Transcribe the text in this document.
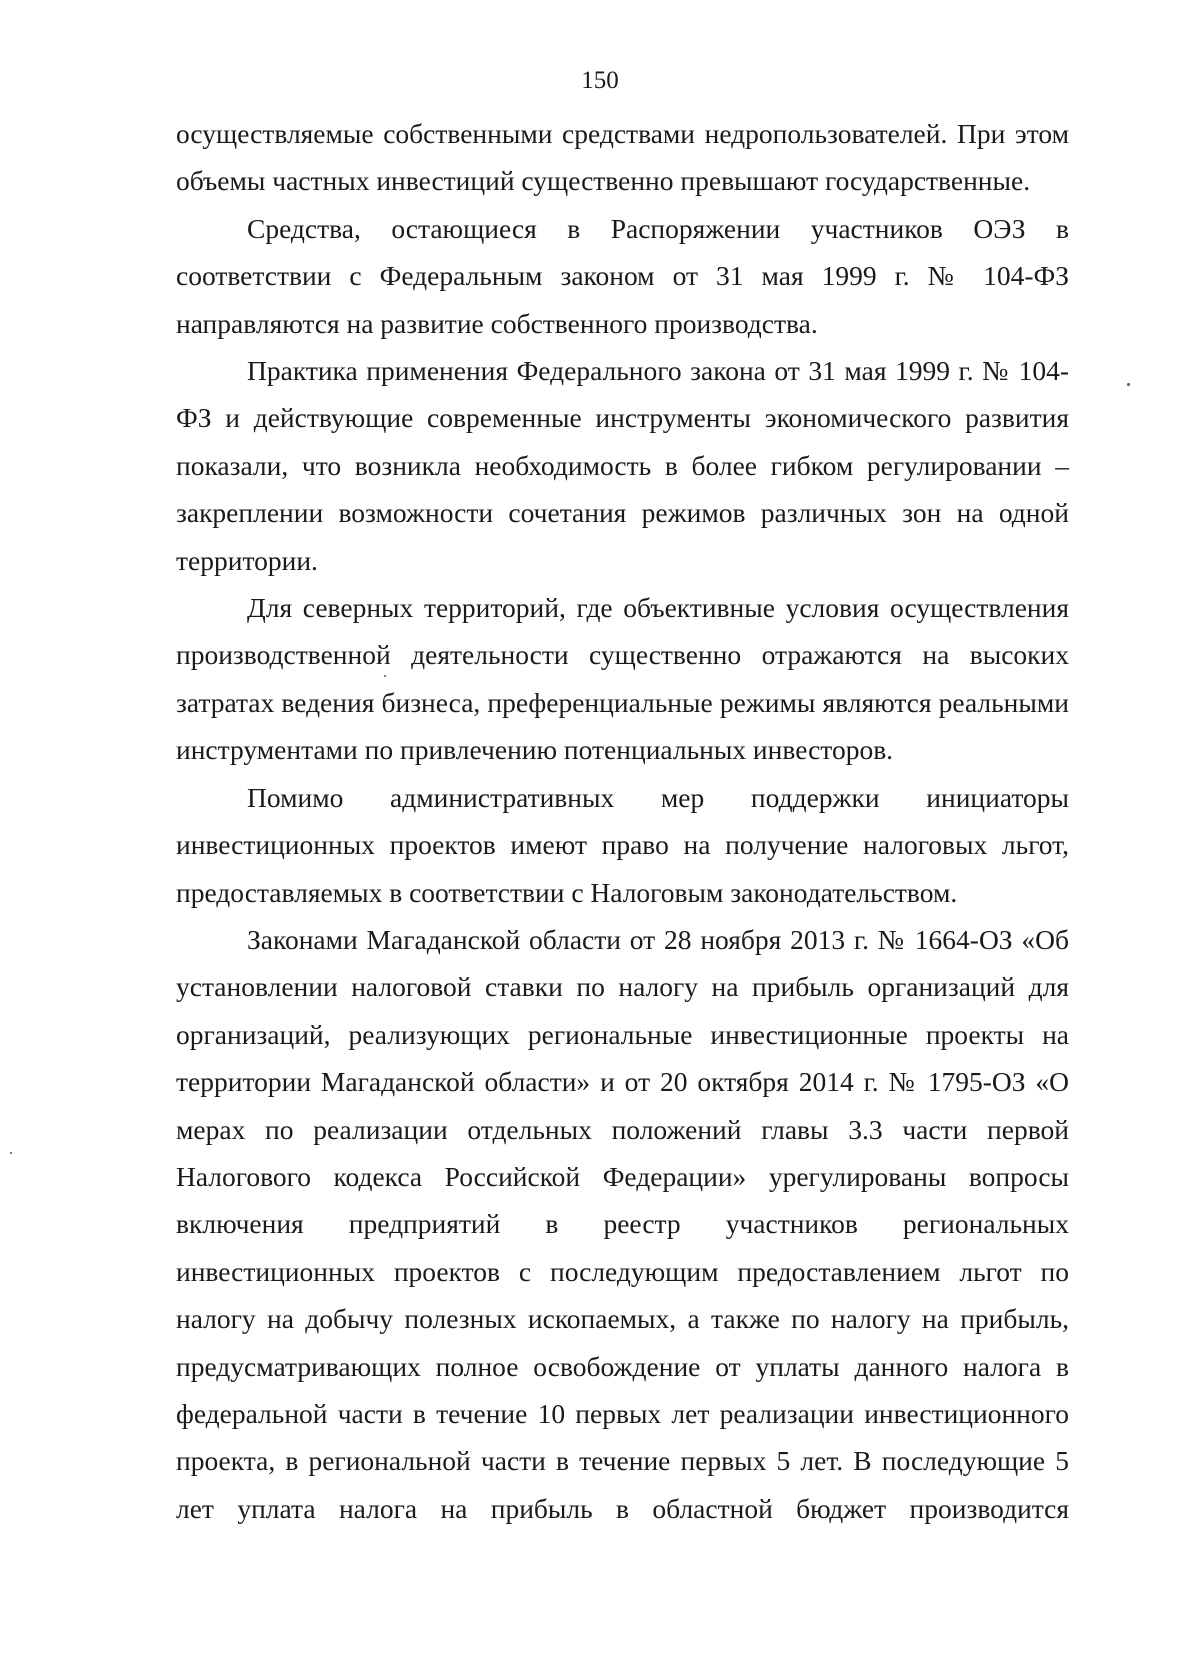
150

осуществляемые собственными средствами недропользователей. При этом объемы частных инвестиций существенно превышают государственные.

Средства, остающиеся в Распоряжении участников ОЭЗ в соответствии с Федеральным законом от 31 мая 1999 г. № 104-ФЗ направляются на развитие собственного производства.

Практика применения Федерального закона от 31 мая 1999 г. № 104-ФЗ и действующие современные инструменты экономического развития показали, что возникла необходимость в более гибком регулировании – закреплении возможности сочетания режимов различных зон на одной территории.

Для северных территорий, где объективные условия осуществления производственной деятельности существенно отражаются на высоких затратах ведения бизнеса, преференциальные режимы являются реальными инструментами по привлечению потенциальных инвесторов.

Помимо административных мер поддержки инициаторы инвестиционных проектов имеют право на получение налоговых льгот, предоставляемых в соответствии с Налоговым законодательством.

Законами Магаданской области от 28 ноября 2013 г. № 1664-ОЗ «Об установлении налоговой ставки по налогу на прибыль организаций для организаций, реализующих региональные инвестиционные проекты на территории Магаданской области» и от 20 октября 2014 г. № 1795-ОЗ «О мерах по реализации отдельных положений главы 3.3 части первой Налогового кодекса Российской Федерации» урегулированы вопросы включения предприятий в реестр участников региональных инвестиционных проектов с последующим предоставлением льгот по налогу на добычу полезных ископаемых, а также по налогу на прибыль, предусматривающих полное освобождение от уплаты данного налога в федеральной части в течение 10 первых лет реализации инвестиционного проекта, в региональной части в течение первых 5 лет. В последующие 5 лет уплата налога на прибыль в областной бюджет производится
